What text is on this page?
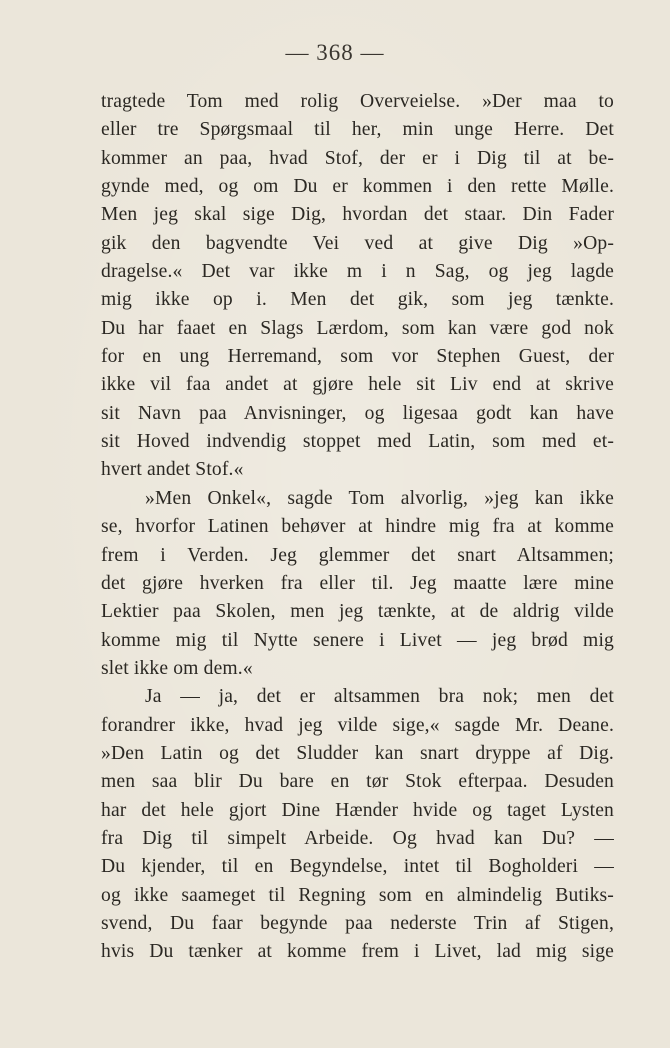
— 368 —
tragtede Tom med rolig Overveielse. »Der maa to
eller tre Spørgsmaal til her, min unge Herre. Det
kommer an paa, hvad Stof, der er i Dig til at be-
gynde med, og om Du er kommen i den rette Mølle.
Men jeg skal sige Dig, hvordan det staar. Din Fader
gik den bagvendte Vei ved at give Dig »Op-
dragelse.« Det var ikke m i n Sag, og jeg lagde
mig ikke op i. Men det gik, som jeg tænkte.
Du har faaet en Slags Lærdom, som kan være god nok
for en ung Herremand, som vor Stephen Guest, der
ikke vil faa andet at gjøre hele sit Liv end at skrive
sit Navn paa Anvisninger, og ligesaa godt kan have
sit Hoved indvendig stoppet med Latin, som med et-
hvert andet Stof.«
»Men Onkel«, sagde Tom alvorlig, »jeg kan ikke
se, hvorfor Latinen behøver at hindre mig fra at komme
frem i Verden. Jeg glemmer det snart Altsammen;
det gjøre hverken fra eller til. Jeg maatte lære mine
Lektier paa Skolen, men jeg tænkte, at de aldrig vilde
komme mig til Nytte senere i Livet — jeg brød mig
slet ikke om dem.«
Ja — ja, det er altsammen bra nok; men det
forandrer ikke, hvad jeg vilde sige,« sagde Mr. Deane.
»Den Latin og det Sludder kan snart dryppe af Dig.
men saa blir Du bare en tør Stok efterpaa. Desuden
har det hele gjort Dine Hænder hvide og taget Lysten
fra Dig til simpelt Arbeide. Og hvad kan Du? —
Du kjender, til en Begyndelse, intet til Bogholderi —
og ikke saameget til Regning som en almindelig Butiks-
svend, Du faar begynde paa nederste Trin af Stigen,
hvis Du tænker at komme frem i Livet, lad mig sige
